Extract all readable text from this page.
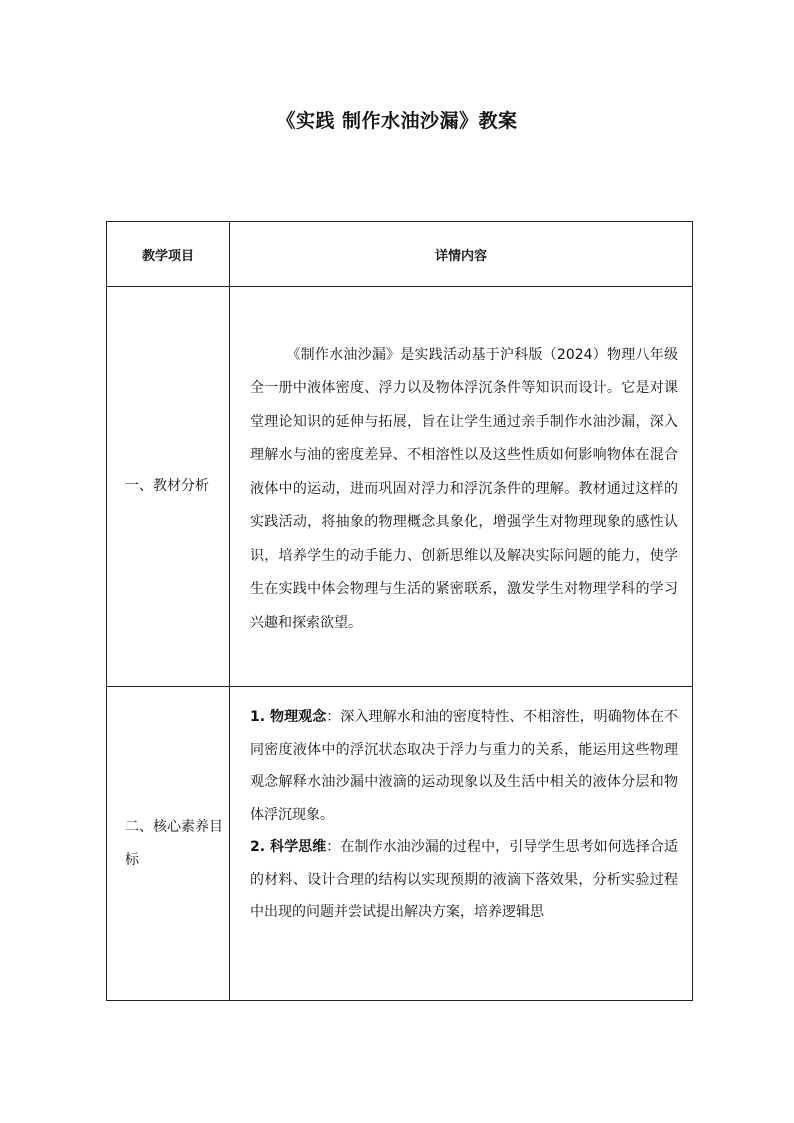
《实践 制作水油沙漏》教案
教学项目	详情内容
一、教材分析	《制作水油沙漏》是实践活动基于沪科版（2024）物理八年级全一册中液体密度、浮力以及物体浮沉条件等知识而设计。它是对课堂理论知识的延伸与拓展，旨在让学生通过亲手制作水油沙漏，深入理解水与油的密度差异、不相溶性以及这些性质如何影响物体在混合液体中的运动，进而巩固对浮力和浮沉条件的理解。教材通过这样的实践活动，将抽象的物理概念具象化，增强学生对物理现象的感性认识，培养学生的动手能力、创新思维以及解决实际问题的能力，使学生在实践中体会物理与生活的紧密联系，激发学生对物理学科的学习兴趣和探索欲望。

二、核心素养目标	1. 物理观念：深入理解水和油的密度特性、不相溶性，明确物体在不同密度液体中的浮沉状态取决于浮力与重力的关系，能运用这些物理观念解释水油沙漏中液滴的运动现象以及生活中相关的液体分层和物体浮沉现象。

2. 科学思维：在制作水油沙漏的过程中，引导学生思考如何选择合适的材料、设计合理的结构以实现预期的液滴下落效果，分析实验过程中出现的问题并尝试提出解决方案，培养逻辑思
